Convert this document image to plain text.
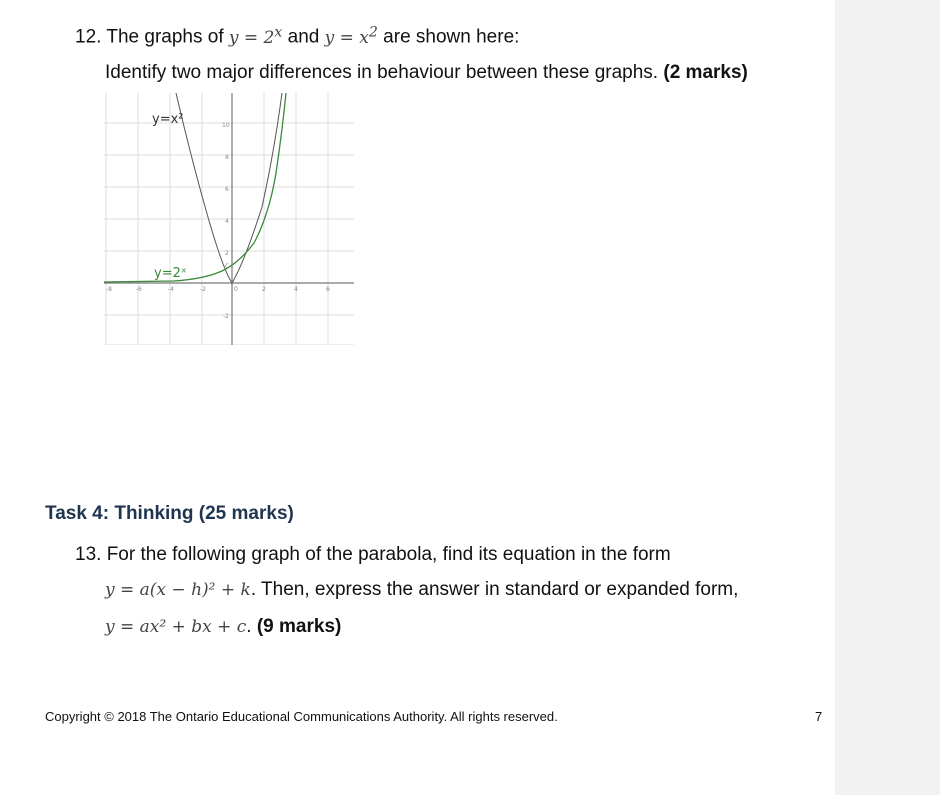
12. The graphs of $y = 2^x$ and $y = x^2$ are shown here:
Identify two major differences in behaviour between these graphs. (2 marks)
-8	-6	-4	-2	0	2	4	6
10
8
6
4
2
-2
C
y=x²
y=2ˣ
Task 4: Thinking (25 marks)
13. For the following graph of the parabola, find its equation in the form
y = a(x − h)² + k. Then, express the answer in standard or expanded form,
y = ax² + bx + c. (9 marks)
Copyright © 2018 The Ontario Educational Communications Authority. All rights reserved.	7
